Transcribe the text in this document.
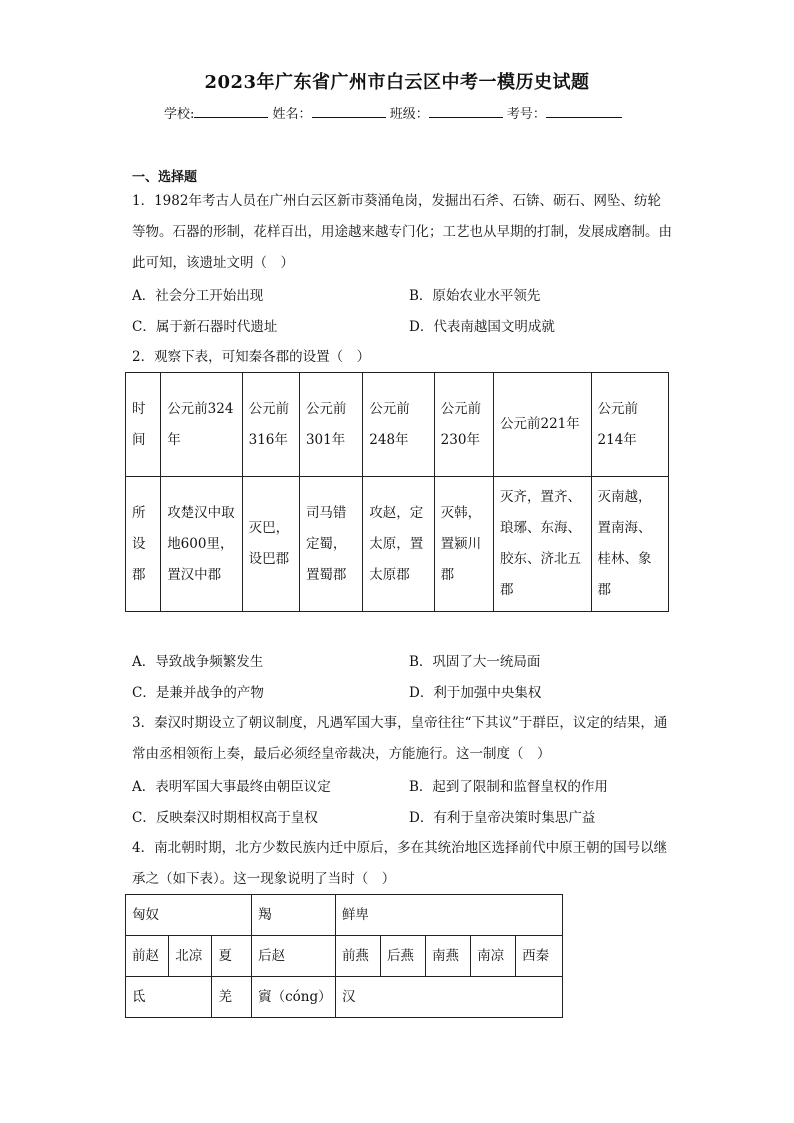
2023年广东省广州市白云区中考一模历史试题
学校:	姓名：	班级：	考号：
一、选择题
1．1982年考古人员在广州白云区新市葵涌龟岗，发掘出石斧、石锛、砺石、网坠、纺轮等物。石器的形制，花样百出，用途越来越专门化；工艺也从早期的打制，发展成磨制。由此可知，该遗址文明（　）
A．社会分工开始出现	B．原始农业水平领先
C．属于新石器时代遗址	D．代表南越国文明成就
2．观察下表，可知秦各郡的设置（　）
时间	公元前324年	公元前316年	公元前301年	公元前248年	公元前230年	公元前221年	公元前214年
所设郡	攻楚汉中取地600里，置汉中郡	灭巴，设巴郡	司马错定蜀，置蜀郡	攻赵，定太原，置太原郡	灭韩，置颍川郡	灭齐，置齐、琅琊、东海、胶东、济北五郡	灭南越，置南海、桂林、象郡
A．导致战争频繁发生	B．巩固了大一统局面
C．是兼并战争的产物	D．利于加强中央集权
3．秦汉时期设立了朝议制度，凡遇军国大事，皇帝往往“下其议”于群臣，议定的结果，通常由丞相领衔上奏，最后必须经皇帝裁决，方能施行。这一制度（　）
A．表明军国大事最终由朝臣议定	B．起到了限制和监督皇权的作用
C．反映秦汉时期相权高于皇权	D．有利于皇帝决策时集思广益
4．南北朝时期，北方少数民族内迁中原后，多在其统治地区选择前代中原王朝的国号以继承之（如下表）。这一现象说明了当时（　）
匈奴			羯	鲜卑				
前赵	北凉	夏	后赵	前燕	后燕	南燕	南凉	西秦
氐		羌	賨（cóng）	汉				
